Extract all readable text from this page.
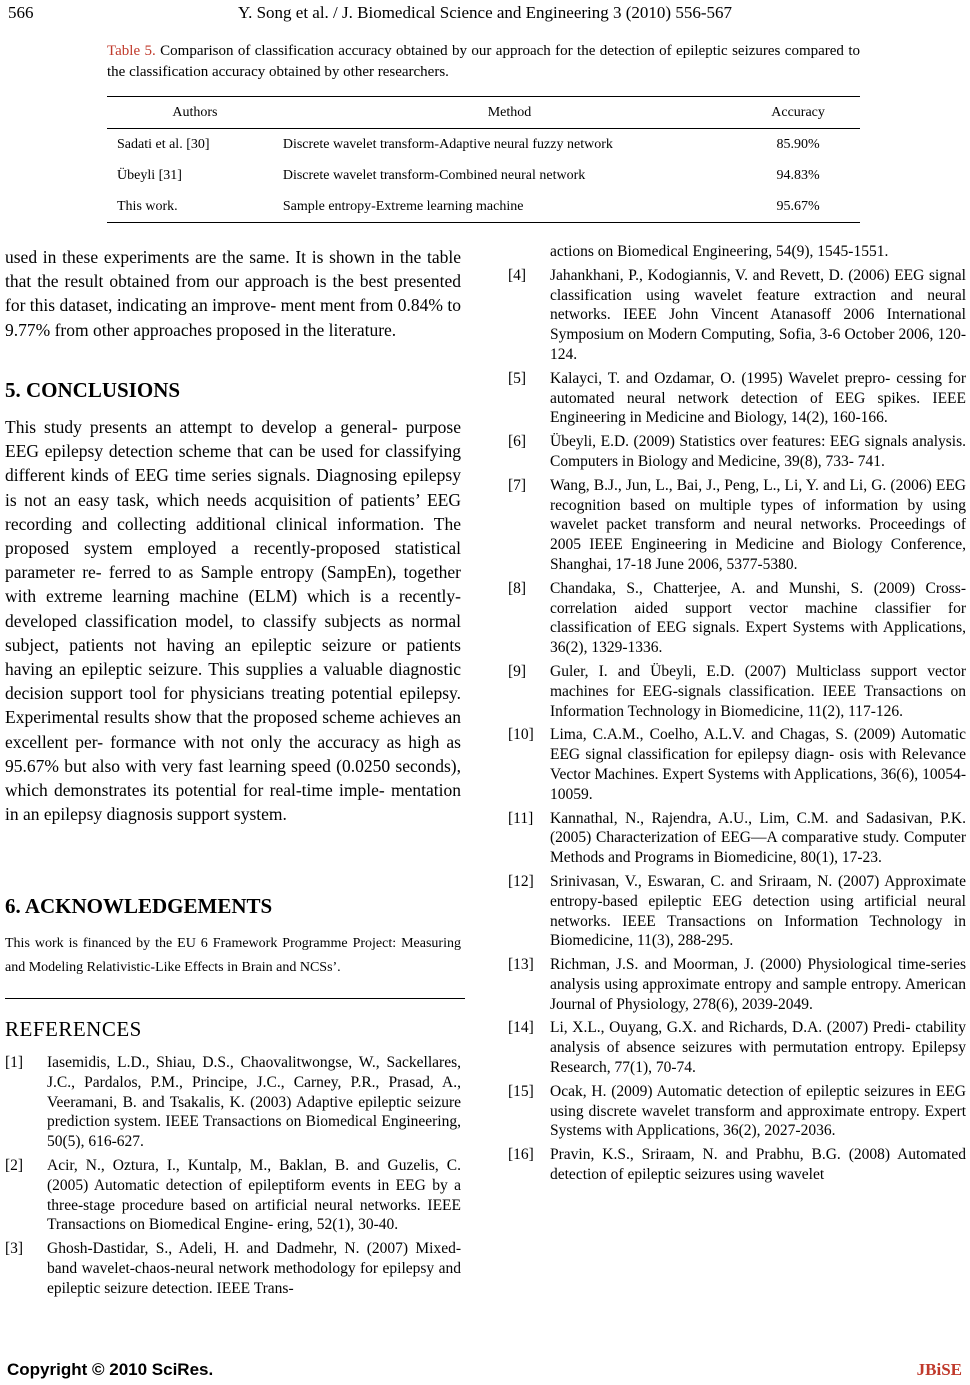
566	Y. Song et al. / J. Biomedical Science and Engineering 3 (2010) 556-567
Table 5. Comparison of classification accuracy obtained by our approach for the detection of epileptic seizures compared to the classification accuracy obtained by other researchers.
Authors	Method	Accuracy
Sadati et al. [30]	Discrete wavelet transform-Adaptive neural fuzzy network	85.90%
Übeyli [31]	Discrete wavelet transform-Combined neural network	94.83%
This work.	Sample entropy-Extreme learning machine	95.67%
used in these experiments are the same. It is shown in the table that the result obtained from our approach is the best presented for this dataset, indicating an improve- ment ment from 0.84% to 9.77% from other approaches proposed in the literature.
5. CONCLUSIONS
This study presents an attempt to develop a general- purpose EEG epilepsy detection scheme that can be used for classifying different kinds of EEG time series signals. Diagnosing epilepsy is not an easy task, which needs acquisition of patients’ EEG recording and collecting additional clinical information. The proposed system employed a recently-proposed statistical parameter re- ferred to as Sample entropy (SampEn), together with extreme learning machine (ELM) which is a recently- developed classification model, to classify subjects as normal subject, patients not having an epileptic seizure or patients having an epileptic seizure. This supplies a valuable diagnostic decision support tool for physicians treating potential epilepsy. Experimental results show that the proposed scheme achieves an excellent per- formance with not only the accuracy as high as 95.67% but also with very fast learning speed (0.0250 seconds), which demonstrates its potential for real-time imple- mentation in an epilepsy diagnosis support system.
6. ACKNOWLEDGEMENTS
This work is financed by the EU 6 Framework Programme Project: Measuring and Modeling Relativistic-Like Effects in Brain and NCSs’.
REFERENCES
[1] Iasemidis, L.D., Shiau, D.S., Chaovalitwongse, W., Sackellares, J.C., Pardalos, P.M., Principe, J.C., Carney, P.R., Prasad, A., Veeramani, B. and Tsakalis, K. (2003) Adaptive epileptic seizure prediction system. IEEE Transactions on Biomedical Engineering, 50(5), 616-627.
[2] Acir, N., Oztura, I., Kuntalp, M., Baklan, B. and Guzelis, C. (2005) Automatic detection of epileptiform events in EEG by a three-stage procedure based on artificial neural networks. IEEE Transactions on Biomedical Engine- ering, 52(1), 30-40.
[3] Ghosh-Dastidar, S., Adeli, H. and Dadmehr, N. (2007) Mixed-band wavelet-chaos-neural network methodology for epilepsy and epileptic seizure detection. IEEE Trans-
actions on Biomedical Engineering, 54(9), 1545-1551.
[4] Jahankhani, P., Kodogiannis, V. and Revett, D. (2006) EEG signal classification using wavelet feature extraction and neural networks. IEEE John Vincent Atanasoff 2006 International Symposium on Modern Computing, Sofia, 3-6 October 2006, 120-124.
[5] Kalayci, T. and Ozdamar, O. (1995) Wavelet prepro- cessing for automated neural network detection of EEG spikes. IEEE Engineering in Medicine and Biology, 14(2), 160-166.
[6] Übeyli, E.D. (2009) Statistics over features: EEG signals analysis. Computers in Biology and Medicine, 39(8), 733- 741.
[7] Wang, B.J., Jun, L., Bai, J., Peng, L., Li, Y. and Li, G. (2006) EEG recognition based on multiple types of information by using wavelet packet transform and neural networks. Proceedings of 2005 IEEE Engineering in Medicine and Biology Conference, Shanghai, 17-18 June 2006, 5377-5380.
[8] Chandaka, S., Chatterjee, A. and Munshi, S. (2009) Cross- correlation aided support vector machine classifier for classification of EEG signals. Expert Systems with Applications, 36(2), 1329-1336.
[9] Guler, I. and Übeyli, E.D. (2007) Multiclass support vector machines for EEG-signals classification. IEEE Transactions on Information Technology in Biomedicine, 11(2), 117-126.
[10] Lima, C.A.M., Coelho, A.L.V. and Chagas, S. (2009) Automatic EEG signal classification for epilepsy diagn- osis with Relevance Vector Machines. Expert Systems with Applications, 36(6), 10054-10059.
[11] Kannathal, N., Rajendra, A.U., Lim, C.M. and Sadasivan, P.K. (2005) Characterization of EEG—A comparative study. Computer Methods and Programs in Biomedicine, 80(1), 17-23.
[12] Srinivasan, V., Eswaran, C. and Sriraam, N. (2007) Approximate entropy-based epileptic EEG detection using artificial neural networks. IEEE Transactions on Information Technology in Biomedicine, 11(3), 288-295.
[13] Richman, J.S. and Moorman, J. (2000) Physiological time-series analysis using approximate entropy and sample entropy. American Journal of Physiology, 278(6), 2039-2049.
[14] Li, X.L., Ouyang, G.X. and Richards, D.A. (2007) Predi- ctability analysis of absence seizures with permutation entropy. Epilepsy Research, 77(1), 70-74.
[15] Ocak, H. (2009) Automatic detection of epileptic seizures in EEG using discrete wavelet transform and approximate entropy. Expert Systems with Applications, 36(2), 2027-2036.
[16] Pravin, K.S., Sriraam, N. and Prabhu, B.G. (2008) Automated detection of epileptic seizures using wavelet
Copyright © 2010 SciRes.	JBiSE
